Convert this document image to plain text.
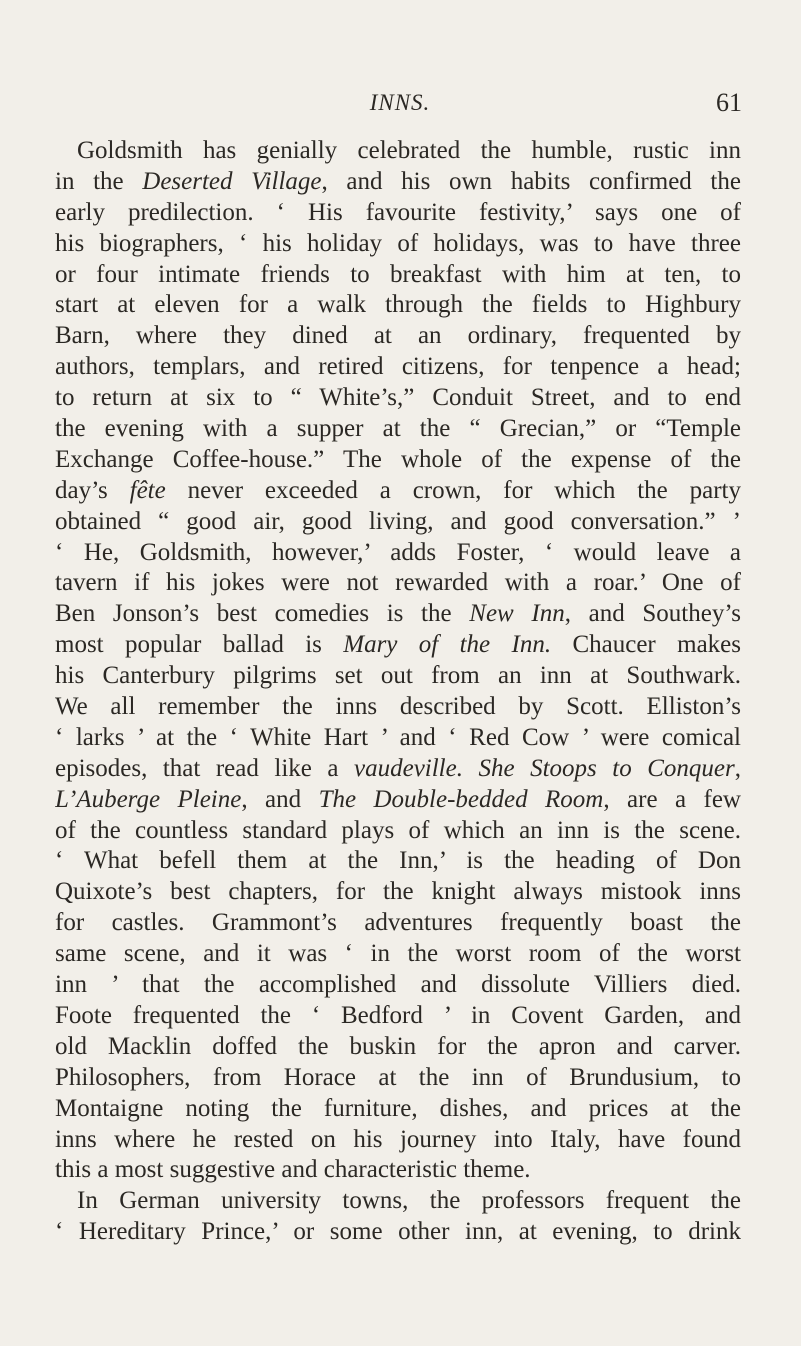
INNS.	61
Goldsmith has genially celebrated the humble, rustic inn
in the Deserted Village, and his own habits confirmed the
early predilection. ‘ His favourite festivity,’ says one of
his biographers, ‘ his holiday of holidays, was to have three
or four intimate friends to breakfast with him at ten, to
start at eleven for a walk through the fields to Highbury
Barn, where they dined at an ordinary, frequented by
authors, templars, and retired citizens, for tenpence a head;
to return at six to “ White’s,” Conduit Street, and to end
the evening with a supper at the “ Grecian,” or “Temple
Exchange Coffee-house.” The whole of the expense of the
day’s fête never exceeded a crown, for which the party
obtained “ good air, good living, and good conversation.” ’
‘ He, Goldsmith, however,’ adds Foster, ‘ would leave a
tavern if his jokes were not rewarded with a roar.’ One of
Ben Jonson’s best comedies is the New Inn, and Southey’s
most popular ballad is Mary of the Inn. Chaucer makes
his Canterbury pilgrims set out from an inn at Southwark.
We all remember the inns described by Scott. Elliston’s
‘ larks ’ at the ‘ White Hart ’ and ‘ Red Cow ’ were comical
episodes, that read like a vaudeville. She Stoops to Conquer,
L’Auberge Pleine, and The Double-bedded Room, are a few
of the countless standard plays of which an inn is the scene.
‘ What befell them at the Inn,’ is the heading of Don
Quixote’s best chapters, for the knight always mistook inns
for castles. Grammont’s adventures frequently boast the
same scene, and it was ‘ in the worst room of the worst
inn ’ that the accomplished and dissolute Villiers died.
Foote frequented the ‘ Bedford ’ in Covent Garden, and
old Macklin doffed the buskin for the apron and carver.
Philosophers, from Horace at the inn of Brundusium, to
Montaigne noting the furniture, dishes, and prices at the
inns where he rested on his journey into Italy, have found
this a most suggestive and characteristic theme.
In German university towns, the professors frequent the
‘ Hereditary Prince,’ or some other inn, at evening, to drink
